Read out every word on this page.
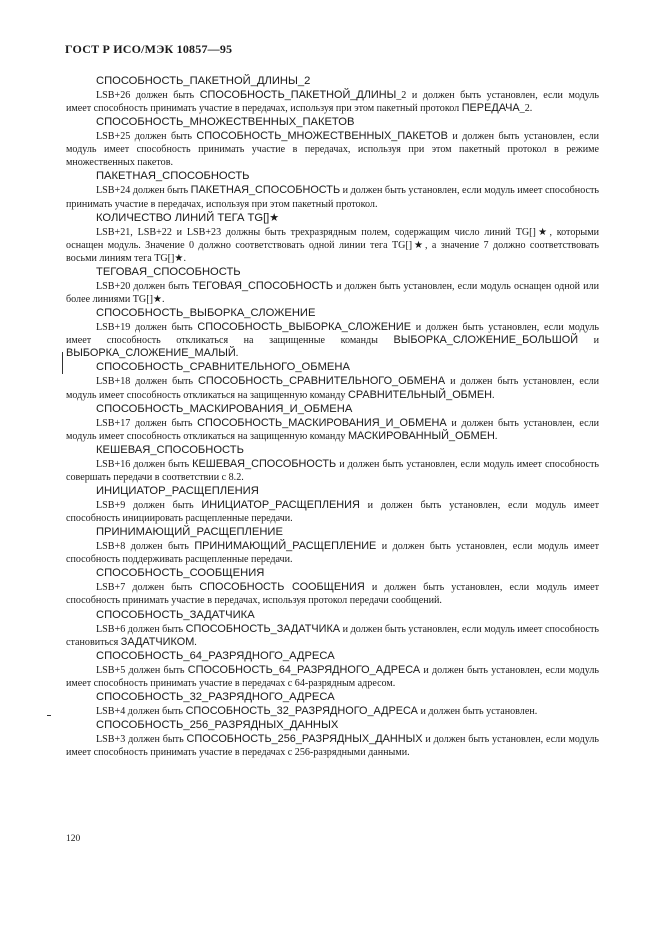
ГОСТ Р ИСО/МЭК 10857—95
СПОСОБНОСТЬ_ПАКЕТНОЙ_ДЛИНЫ_2

LSB+26 должен быть СПОСОБНОСТЬ_ПАКЕТНОЙ_ДЛИНЫ_2 и должен быть установлен, если модуль имеет способность принимать участие в передачах, используя при этом пакетный протокол ПЕРЕДАЧА_2.

СПОСОБНОСТЬ_МНОЖЕСТВЕННЫХ_ПАКЕТОВ

LSB+25 должен быть СПОСОБНОСТЬ_МНОЖЕСТВЕННЫХ_ПАКЕТОВ и должен быть установлен, если модуль имеет способность принимать участие в передачах, используя при этом пакетный протокол в режиме множественных пакетов.

ПАКЕТНАЯ_СПОСОБНОСТЬ

LSB+24 должен быть ПАКЕТНАЯ_СПОСОБНОСТЬ и должен быть установлен, если модуль имеет способность принимать участие в передачах, используя при этом пакетный протокол.

КОЛИЧЕСТВО ЛИНИЙ ТЕГА TG[]★

LSB+21, LSB+22 и LSB+23 должны быть трехразрядным полем, содержащим число линий TG[]★, которыми оснащен модуль. Значение 0 должно соответствовать одной линии тега TG[]★, а значение 7 должно соответствовать восьми линиям тега TG[]★.

ТЕГОВАЯ_СПОСОБНОСТЬ

LSB+20 должен быть ТЕГОВАЯ_СПОСОБНОСТЬ и должен быть установлен, если модуль оснащен одной или более линиями TG[]★.

СПОСОБНОСТЬ_ВЫБОРКА_СЛОЖЕНИЕ

LSB+19 должен быть СПОСОБНОСТЬ_ВЫБОРКА_СЛОЖЕНИЕ и должен быть установлен, если модуль имеет способность откликаться на защищенные команды ВЫБОРКА_СЛОЖЕНИЕ_БОЛЬШОЙ и ВЫБОРКА_СЛОЖЕНИЕ_МАЛЫЙ.

СПОСОБНОСТЬ_СРАВНИТЕЛЬНОГО_ОБМЕНА

LSB+18 должен быть СПОСОБНОСТЬ_СРАВНИТЕЛЬНОГО_ОБМЕНА и должен быть установлен, если модуль имеет способность откликаться на защищенную команду СРАВНИТЕЛЬНЫЙ_ОБМЕН.

СПОСОБНОСТЬ_МАСКИРОВАНИЯ_И_ОБМЕНА

LSB+17 должен быть СПОСОБНОСТЬ_МАСКИРОВАНИЯ_И_ОБМЕНА и должен быть установлен, если модуль имеет способность откликаться на защищенную команду МАСКИРОВАННЫЙ_ОБМЕН.

КЕШЕВАЯ_СПОСОБНОСТЬ

LSB+16 должен быть КЕШЕВАЯ_СПОСОБНОСТЬ и должен быть установлен, если модуль имеет способность совершать передачи в соответствии с 8.2.

ИНИЦИАТОР_РАСЩЕПЛЕНИЯ

LSB+9 должен быть ИНИЦИАТОР_РАСЩЕПЛЕНИЯ и должен быть установлен, если модуль имеет способность инициировать расщепленные передачи.

ПРИНИМАЮЩИЙ_РАСЩЕПЛЕНИЕ

LSB+8 должен быть ПРИНИМАЮЩИЙ_РАСЩЕПЛЕНИЕ и должен быть установлен, если модуль имеет способность поддерживать расщепленные передачи.

СПОСОБНОСТЬ_СООБЩЕНИЯ

LSB+7 должен быть СПОСОБНОСТЬ СООБЩЕНИЯ и должен быть установлен, если модуль имеет способность принимать участие в передачах, используя протокол передачи сообщений.

СПОСОБНОСТЬ_ЗАДАТЧИКА

LSB+6 должен быть СПОСОБНОСТЬ_ЗАДАТЧИКА и должен быть установлен, если модуль имеет способность становиться ЗАДАТЧИКОМ.

СПОСОБНОСТЬ_64_РАЗРЯДНОГО_АДРЕСА

LSB+5 должен быть СПОСОБНОСТЬ_64_РАЗРЯДНОГО_АДРЕСА и должен быть установлен, если модуль имеет способность принимать участие в передачах с 64-разрядным адресом.

СПОСОБНОСТЬ_32_РАЗРЯДНОГО_АДРЕСА

LSB+4 должен быть СПОСОБНОСТЬ_32_РАЗРЯДНОГО_АДРЕСА и должен быть установлен.

СПОСОБНОСТЬ_256_РАЗРЯДНЫХ_ДАННЫХ

LSB+3 должен быть СПОСОБНОСТЬ_256_РАЗРЯДНЫХ_ДАННЫХ и должен быть установлен, если модуль имеет способность принимать участие в передачах с 256-разрядными данными.

120
